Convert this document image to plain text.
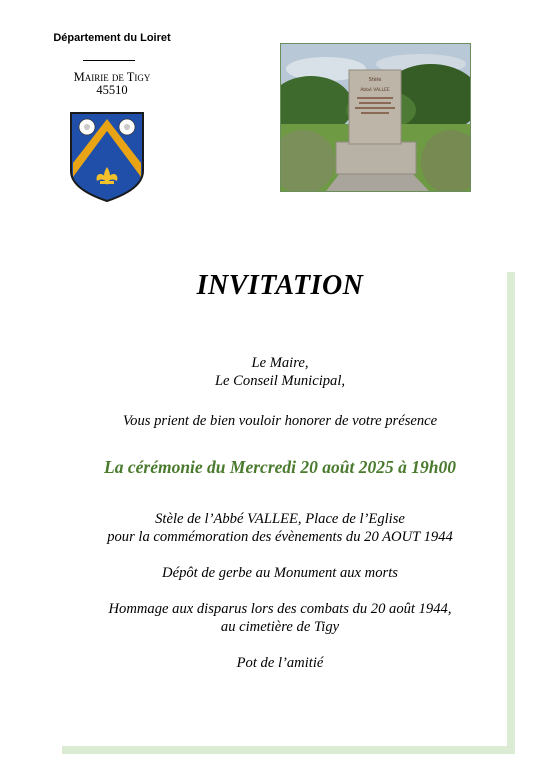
Département du Loiret
Mairie de Tigy
45510
Stèle
Abbé VALLEE
INVITATION
Le Maire,
Le Conseil Municipal,
Vous prient de bien vouloir honorer de votre présence
La cérémonie du Mercredi 20 août 2025 à 19h00
Stèle de l’Abbé VALLEE, Place de l’Eglise
pour la commémoration des évènements du 20 AOUT 1944
Dépôt de gerbe au Monument aux morts
Hommage aux disparus lors des combats du 20 août 1944,
au cimetière de Tigy
Pot de l’amitié
